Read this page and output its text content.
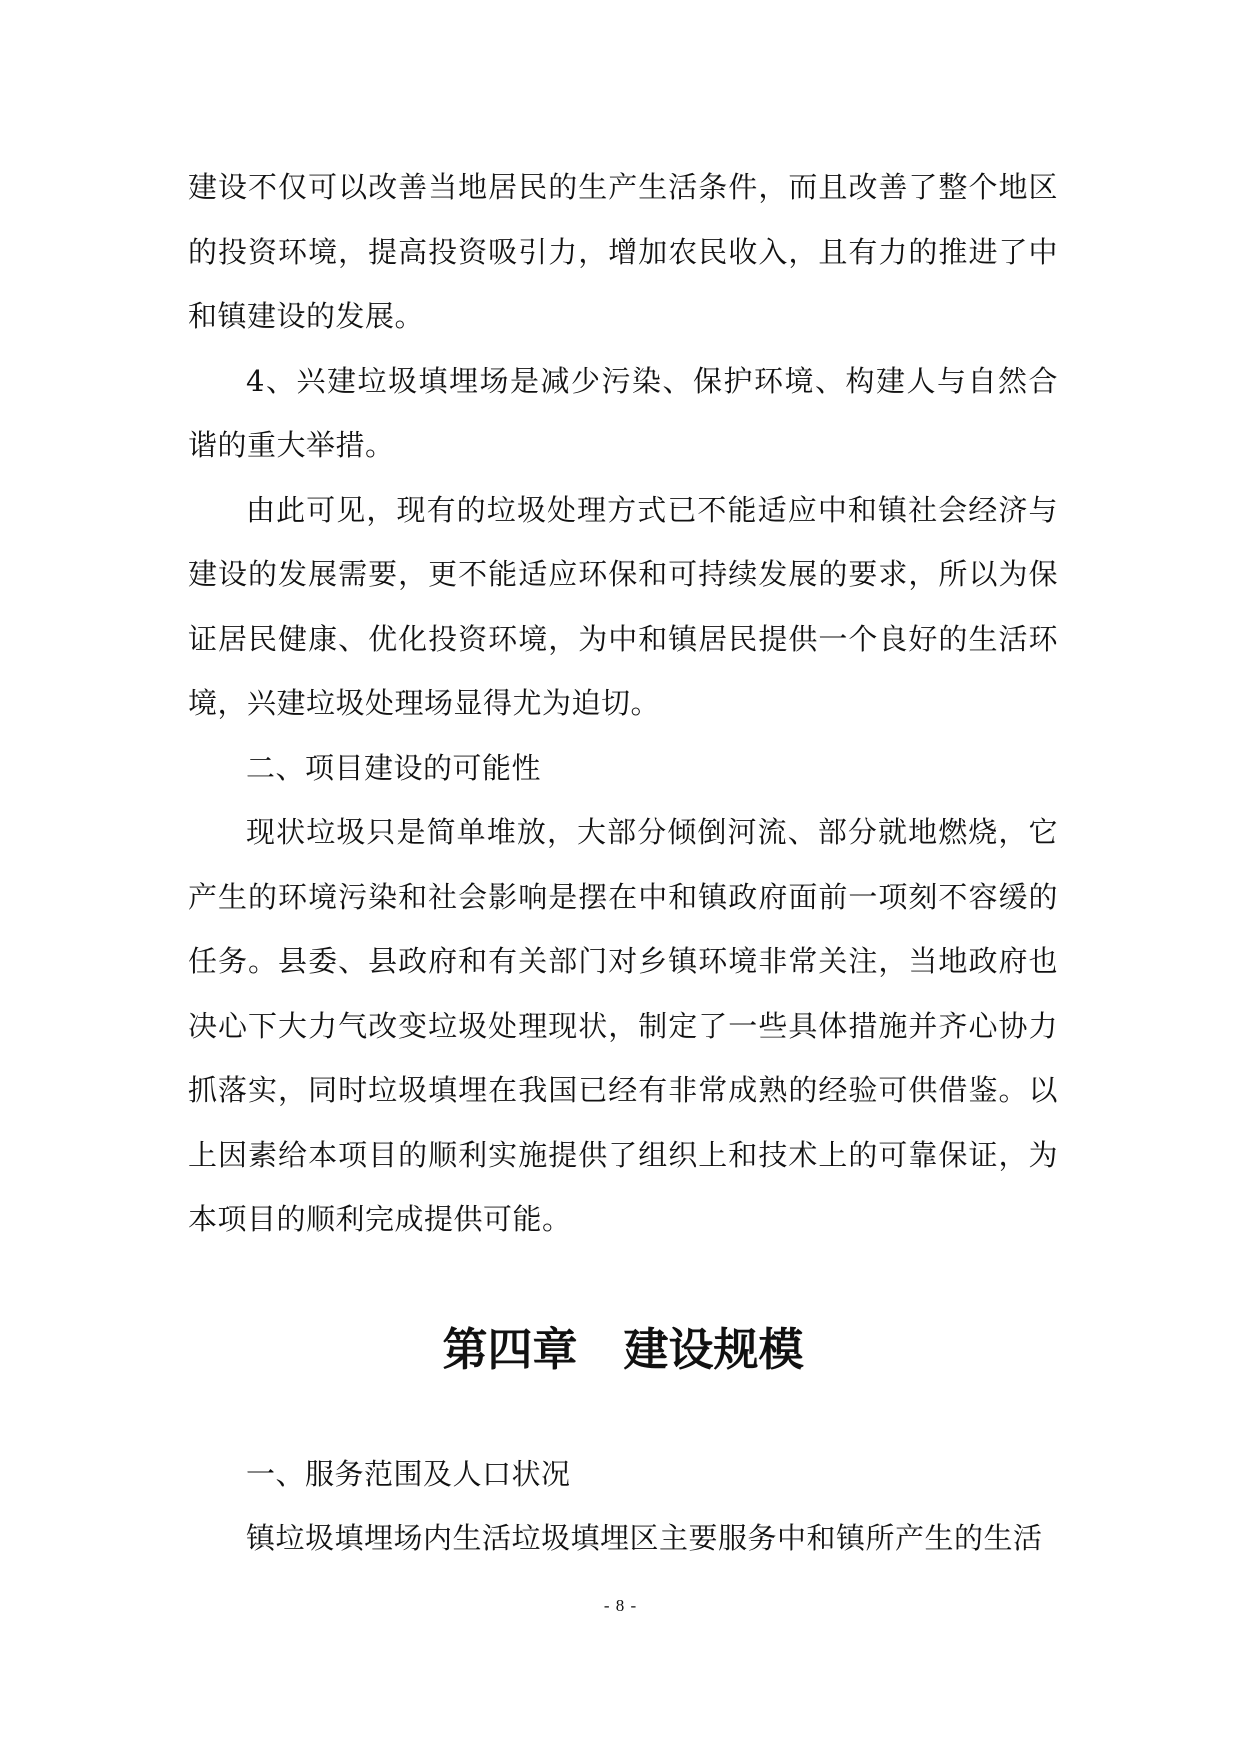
建设不仅可以改善当地居民的生产生活条件，而且改善了整个地区的投资环境，提高投资吸引力，增加农民收入，且有力的推进了中和镇建设的发展。

4、兴建垃圾填埋场是减少污染、保护环境、构建人与自然合谐的重大举措。

由此可见，现有的垃圾处理方式已不能适应中和镇社会经济与建设的发展需要，更不能适应环保和可持续发展的要求，所以为保证居民健康、优化投资环境，为中和镇居民提供一个良好的生活环境，兴建垃圾处理场显得尤为迫切。

二、项目建设的可能性

现状垃圾只是简单堆放，大部分倾倒河流、部分就地燃烧，它产生的环境污染和社会影响是摆在中和镇政府面前一项刻不容缓的任务。县委、县政府和有关部门对乡镇环境非常关注，当地政府也决心下大力气改变垃圾处理现状，制定了一些具体措施并齐心协力抓落实，同时垃圾填埋在我国已经有非常成熟的经验可供借鉴。以上因素给本项目的顺利实施提供了组织上和技术上的可靠保证，为本项目的顺利完成提供可能。

第四章 建设规模

一、服务范围及人口状况

镇垃圾填埋场内生活垃圾填埋区主要服务中和镇所产生的生活

- 8 -
